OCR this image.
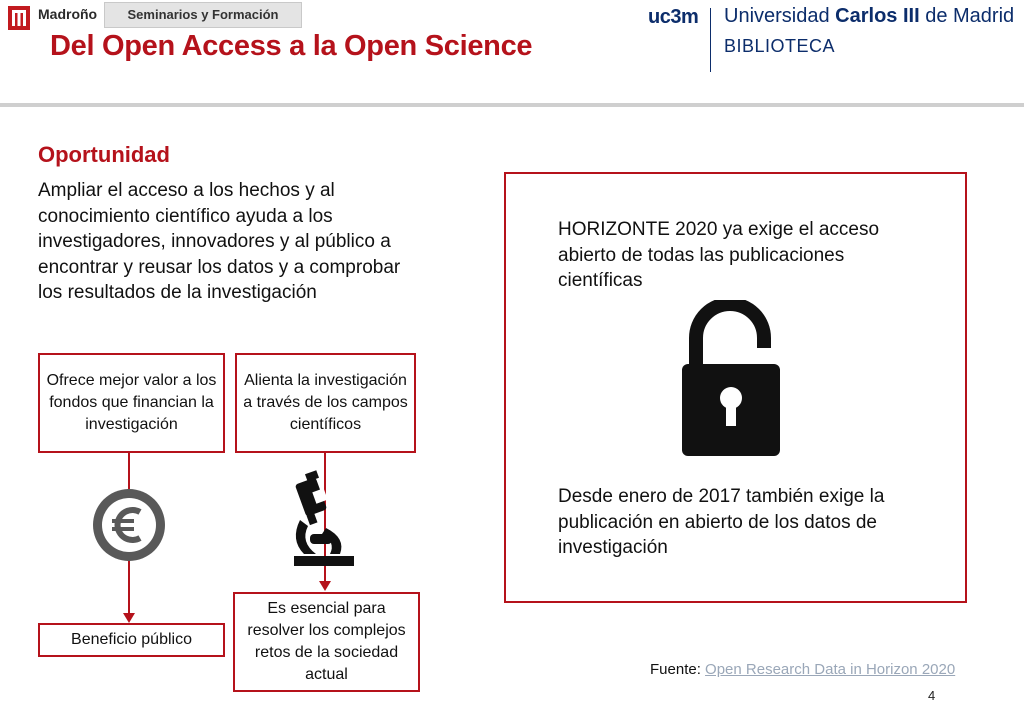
Madroño	Seminarios y Formación
Del Open Access a la Open Science
uc3m Universidad Carlos III de Madrid
BIBLIOTECA
Oportunidad
Ampliar el acceso a los hechos y al conocimiento científico ayuda a los investigadores, innovadores y al público a encontrar y reusar los datos y a comprobar los resultados de la investigación
Ofrece mejor valor a los fondos que financian la investigación
Alienta la investigación a través de los campos científicos
Beneficio público
Es esencial para resolver los complejos retos de la sociedad actual
HORIZONTE 2020 ya exige el acceso abierto de todas las publicaciones científicas
Desde enero de 2017 también exige la publicación en abierto de los datos de investigación
Fuente: Open Research Data in Horizon 2020
4
